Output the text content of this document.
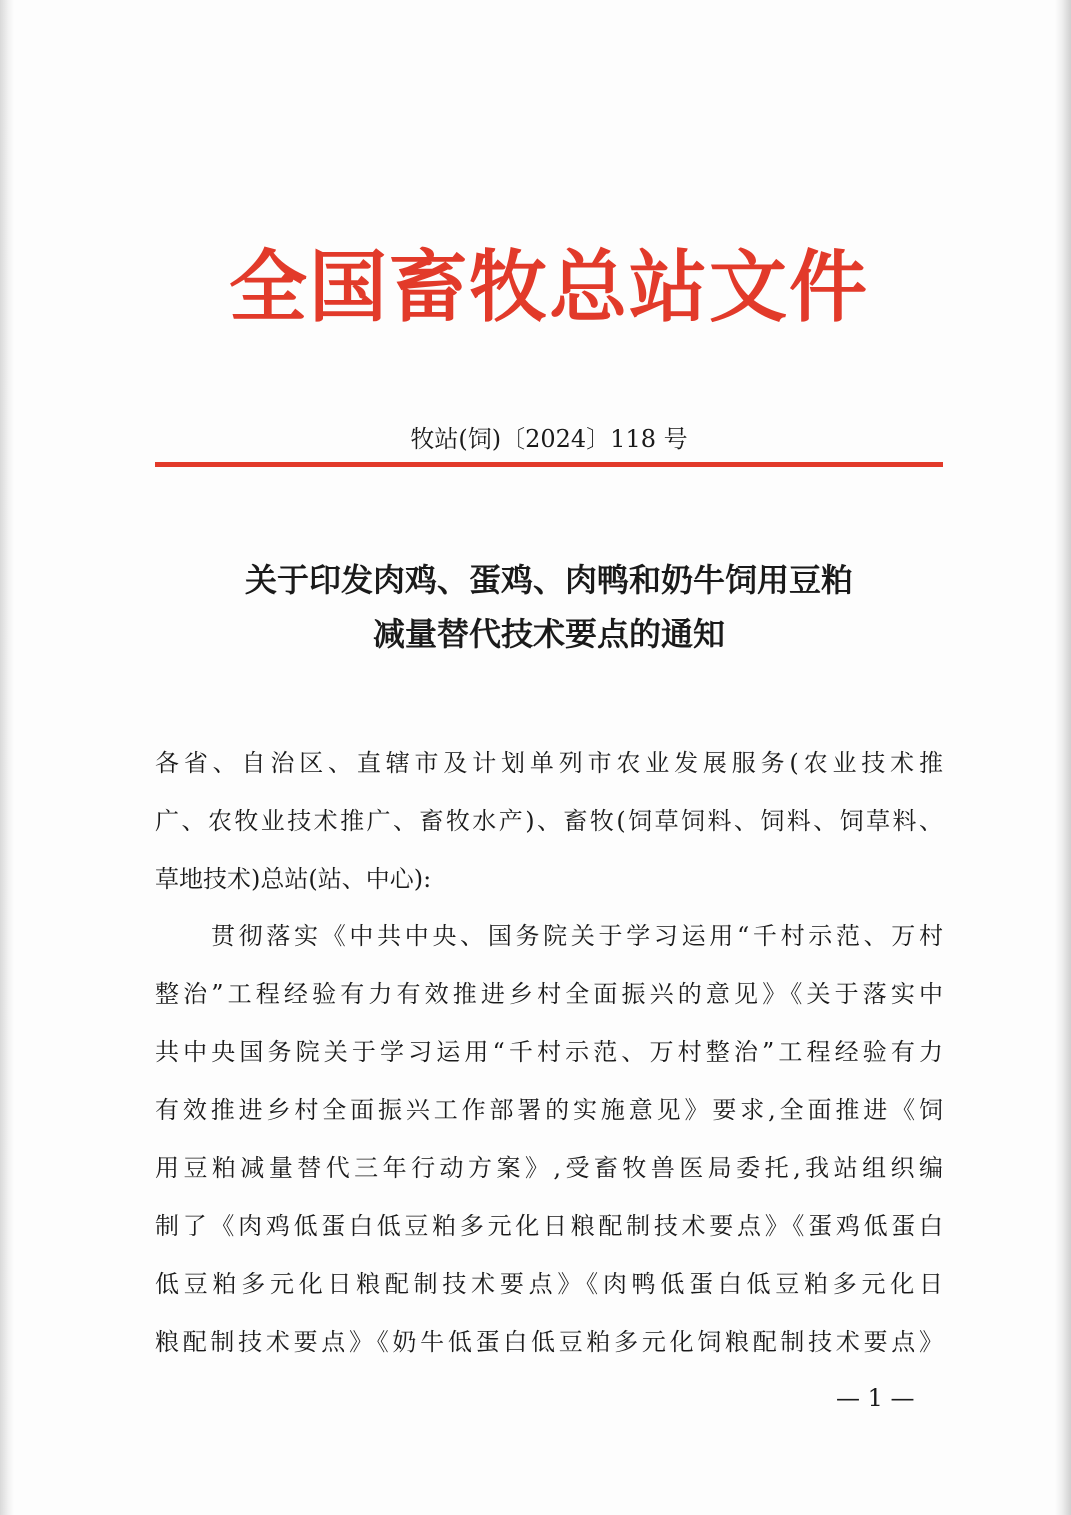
全国畜牧总站文件
牧站(饲)〔2024〕118 号
关于印发肉鸡、蛋鸡、肉鸭和奶牛饲用豆粕
减量替代技术要点的通知
各省、自治区、直辖市及计划单列市农业发展服务(农业技术推
广、农牧业技术推广、畜牧水产)、畜牧(饲草饲料、饲料、饲草料、
草地技术)总站(站、中心):
贯彻落实《中共中央、国务院关于学习运用“千村示范、万村
整治”工程经验有力有效推进乡村全面振兴的意见》《关于落实中
共中央国务院关于学习运用“千村示范、万村整治”工程经验有力
有效推进乡村全面振兴工作部署的实施意见》要求,全面推进《饲
用豆粕减量替代三年行动方案》,受畜牧兽医局委托,我站组织编
制了《肉鸡低蛋白低豆粕多元化日粮配制技术要点》《蛋鸡低蛋白
低豆粕多元化日粮配制技术要点》《肉鸭低蛋白低豆粕多元化日
粮配制技术要点》《奶牛低蛋白低豆粕多元化饲粮配制技术要点》
— 1 —
